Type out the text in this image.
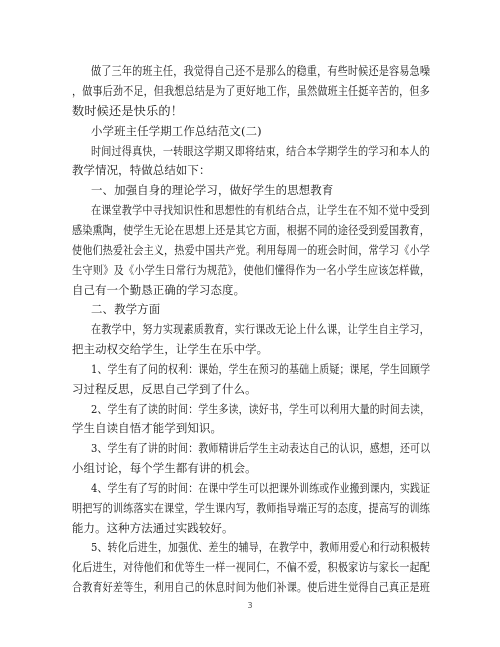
做了三年的班主任，我觉得自己还不是那么的稳重，有些时候还是容易急噪
，做事后劲不足，但我想总结是为了更好地工作，虽然做班主任挺辛苦的，但多
数时候还是快乐的！
小学班主任学期工作总结范文(二)
时间过得真快，一转眼这学期又即将结束，结合本学期学生的学习和本人的
教学情况，特做总结如下：
一、加强自身的理论学习，做好学生的思想教育
在课堂教学中寻找知识性和思想性的有机结合点，让学生在不知不觉中受到
感染熏陶，使学生无论在思想上还是其它方面，根据不同的途径受到爱国教育，
使他们热爱社会主义，热爱中国共产党。利用每周一的班会时间，常学习《小学
生守则》及《小学生日常行为规范》，使他们懂得作为一名小学生应该怎样做，
自己有一个勤恳正确的学习态度。
二、教学方面
在教学中，努力实现素质教育，实行课改无论上什么课，让学生自主学习，
把主动权交给学生，让学生在乐中学。
1、学生有了问的权利：课始，学生在预习的基础上质疑；课尾，学生回顾学
习过程反思，反思自己学到了什么。
2、学生有了读的时间：学生多读，读好书，学生可以利用大量的时间去读，
学生自读自悟才能学到知识。
3、学生有了讲的时间：教师精讲后学生主动表达自己的认识，感想，还可以
小组讨论，每个学生都有讲的机会。
4、学生有了写的时间：在课中学生可以把课外训练或作业搬到课内，实践证
明把写的训练落实在课堂，学生课内写，教师指导端正写的态度，提高写的训练
能力。这种方法通过实践较好。
5、转化后进生，加强优、差生的辅导，在教学中，教师用爱心和行动积极转
化后进生，对待他们和优等生一样一视同仁，不偏不爱，积极家访与家长一起配
合教育好差等生，利用自己的休息时间为他们补课。使后进生觉得自己真正是班
3
